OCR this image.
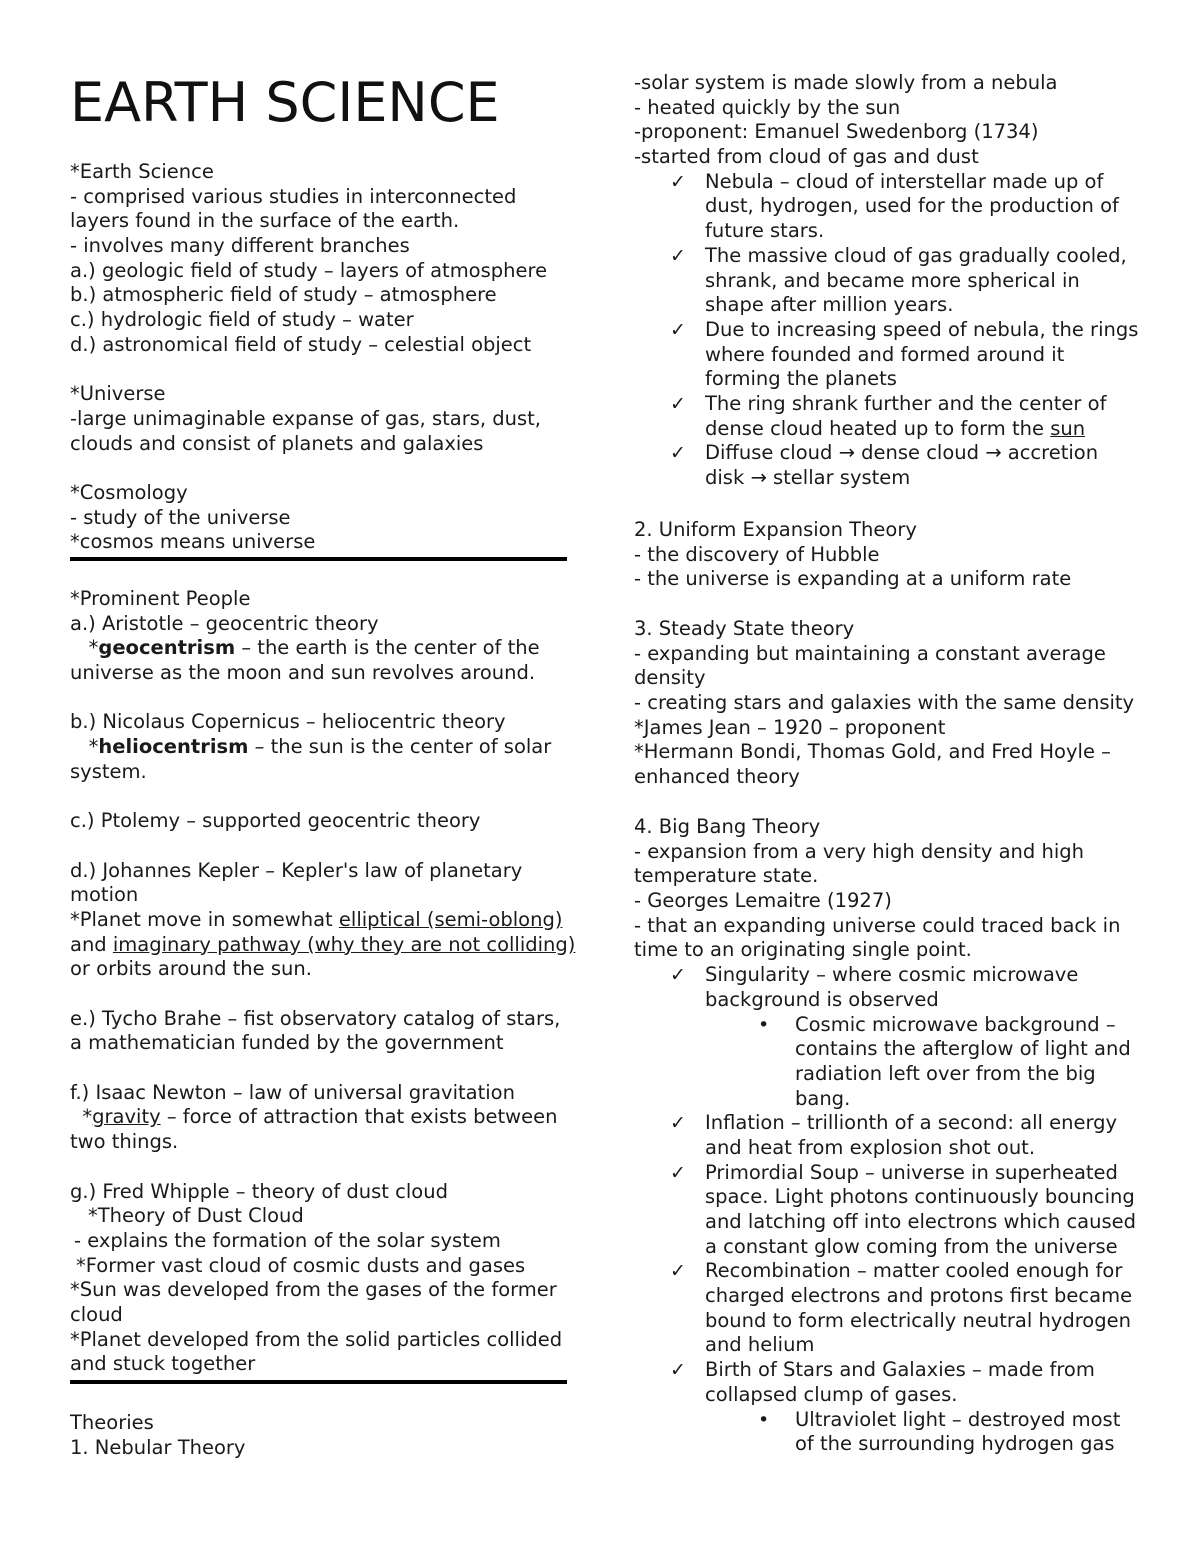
EARTH SCIENCE
*Earth Science
- comprised various studies in interconnected
layers found in the surface of the earth.
- involves many different branches
a.) geologic field of study – layers of atmosphere
b.) atmospheric field of study – atmosphere
c.) hydrologic field of study – water
d.) astronomical field of study – celestial object
*Universe
-large unimaginable expanse of gas, stars, dust,
clouds and consist of planets and galaxies
*Cosmology
- study of the universe
*cosmos means universe
*Prominent People
a.) Aristotle – geocentric theory
*geocentrism – the earth is the center of the
universe as the moon and sun revolves around.
b.) Nicolaus Copernicus – heliocentric theory
*heliocentrism – the sun is the center of solar
system.
c.) Ptolemy – supported geocentric theory
d.) Johannes Kepler – Kepler's law of planetary
motion
*Planet move in somewhat elliptical (semi-oblong)
and imaginary pathway (why they are not colliding)
or orbits around the sun.
e.) Tycho Brahe – fist observatory catalog of stars,
a mathematician funded by the government
f.) Isaac Newton – law of universal gravitation
*gravity – force of attraction that exists between
two things.
g.) Fred Whipple – theory of dust cloud
*Theory of Dust Cloud
- explains the formation of the solar system
*Former vast cloud of cosmic dusts and gases
*Sun was developed from the gases of the former
cloud
*Planet developed from the solid particles collided
and stuck together
Theories
1. Nebular Theory
-solar system is made slowly from a nebula
- heated quickly by the sun
-proponent: Emanuel Swedenborg (1734)
-started from cloud of gas and dust
✓ Nebula – cloud of interstellar made up of
dust, hydrogen, used for the production of
future stars.
✓ The massive cloud of gas gradually cooled,
shrank, and became more spherical in
shape after million years.
✓ Due to increasing speed of nebula, the rings
where founded and formed around it
forming the planets
✓ The ring shrank further and the center of
dense cloud heated up to form the sun
✓ Diffuse cloud → dense cloud → accretion
disk → stellar system
2. Uniform Expansion Theory
- the discovery of Hubble
- the universe is expanding at a uniform rate
3. Steady State theory
- expanding but maintaining a constant average
density
- creating stars and galaxies with the same density
*James Jean – 1920 – proponent
*Hermann Bondi, Thomas Gold, and Fred Hoyle –
enhanced theory
4. Big Bang Theory
- expansion from a very high density and high
temperature state.
- Georges Lemaitre (1927)
- that an expanding universe could traced back in
time to an originating single point.
✓ Singularity – where cosmic microwave
background is observed
• Cosmic microwave background –
contains the afterglow of light and
radiation left over from the big
bang.
✓ Inflation – trillionth of a second: all energy
and heat from explosion shot out.
✓ Primordial Soup – universe in superheated
space. Light photons continuously bouncing
and latching off into electrons which caused
a constant glow coming from the universe
✓ Recombination – matter cooled enough for
charged electrons and protons first became
bound to form electrically neutral hydrogen
and helium
✓ Birth of Stars and Galaxies – made from
collapsed clump of gases.
• Ultraviolet light – destroyed most
of the surrounding hydrogen gas
